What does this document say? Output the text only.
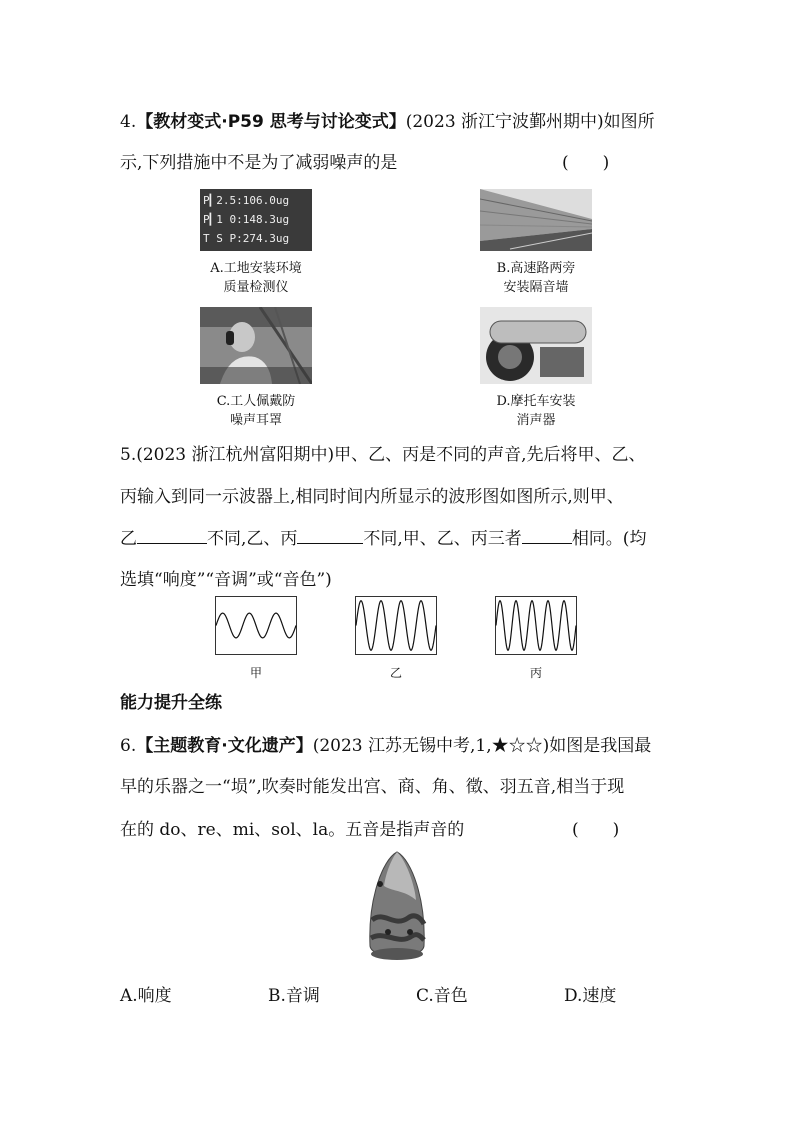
4.【教材变式·P59 思考与讨论变式】(2023 浙江宁波鄞州期中)如图所
示,下列措施中不是为了减弱噪声的是	(　　)
P▎2.5:106.0ug
P▎1 0:148.3ug
T S P:274.3ug
A.工地安装环境
质量检测仪
B.高速路两旁
安装隔音墙
C.工人佩戴防
噪声耳罩
D.摩托车安装
消声器
5.(2023 浙江杭州富阳期中)甲、乙、丙是不同的声音,先后将甲、乙、
丙输入到同一示波器上,相同时间内所显示的波形图如图所示,则甲、
乙	不同,乙、丙	不同,甲、乙、丙三者	相同。(均
选填“响度”“音调”或“音色”)
甲	乙	丙
能力提升全练
6.【主题教育·文化遗产】(2023 江苏无锡中考,1,★☆☆)如图是我国最
早的乐器之一“埙”,吹奏时能发出宫、商、角、徵、羽五音,相当于现
在的 do、re、mi、sol、la。五音是指声音的	(　　)
A.响度	B.音调	C.音色	D.速度
